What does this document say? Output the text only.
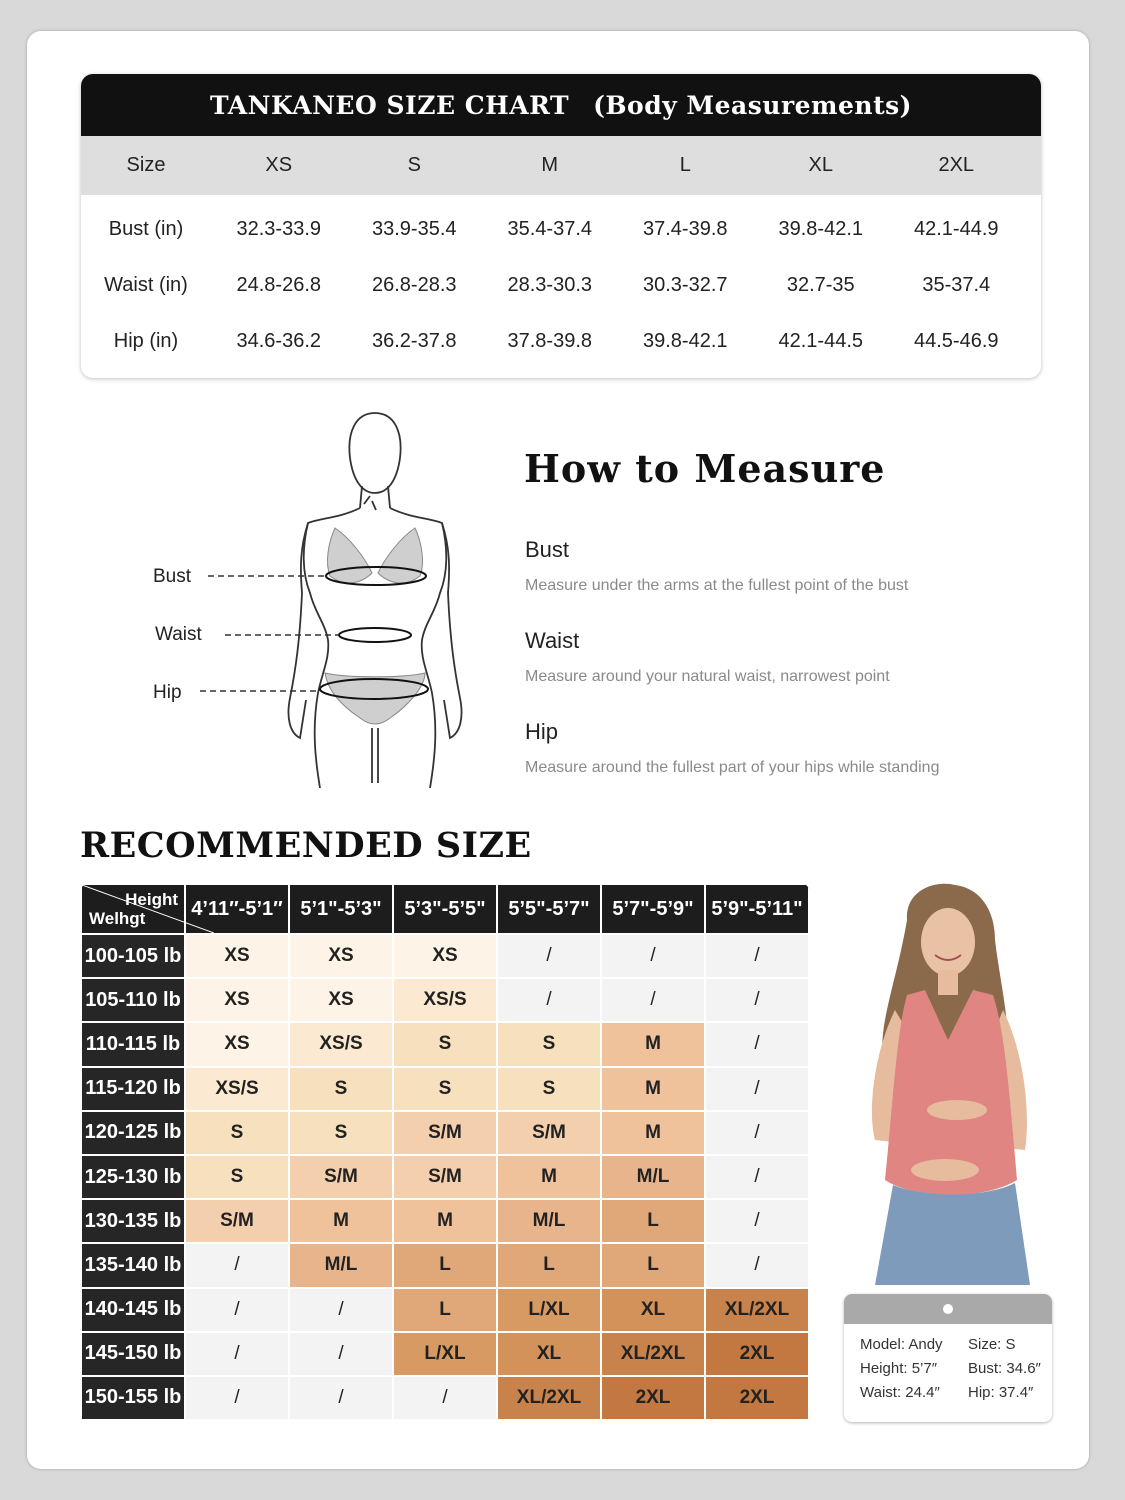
TANKANEO SIZE CHART (Body Measurements)
Size	XS	S	M	L	XL	2XL
Bust (in)	32.3-33.9	33.9-35.4	35.4-37.4	37.4-39.8	39.8-42.1	42.1-44.9
Waist (in)	24.8-26.8	26.8-28.3	28.3-30.3	30.3-32.7	32.7-35	35-37.4
Hip (in)	34.6-36.2	36.2-37.8	37.8-39.8	39.8-42.1	42.1-44.5	44.5-46.9
Bust
Waist
Hip
How to Measure
Bust
Measure under the arms at the fullest point of the bust
Waist
Measure around your natural waist, narrowest point
Hip
Measure around the fullest part of your hips while standing
RECOMMENDED SIZE
Height
Welhgt	4’11″-5’1″	5’1"-5’3"	5’3"-5’5"	5’5"-5’7"	5’7"-5’9"	5’9"-5’11"
100-105 lb	XS	XS	XS	/	/	/
105-110 lb	XS	XS	XS/S	/	/	/
110-115 lb	XS	XS/S	S	S	M	/
115-120 lb	XS/S	S	S	S	M	/
120-125 lb	S	S	S/M	S/M	M	/
125-130 lb	S	S/M	S/M	M	M/L	/
130-135 lb	S/M	M	M	M/L	L	/
135-140 lb	/	M/L	L	L	L	/
140-145 lb	/	/	L	L/XL	XL	XL/2XL
145-150 lb	/	/	L/XL	XL	XL/2XL	2XL
150-155 lb	/	/	/	XL/2XL	2XL	2XL
Model: Andy	Size: S
Height: 5’7″	Bust: 34.6″
Waist: 24.4″	Hip: 37.4″
